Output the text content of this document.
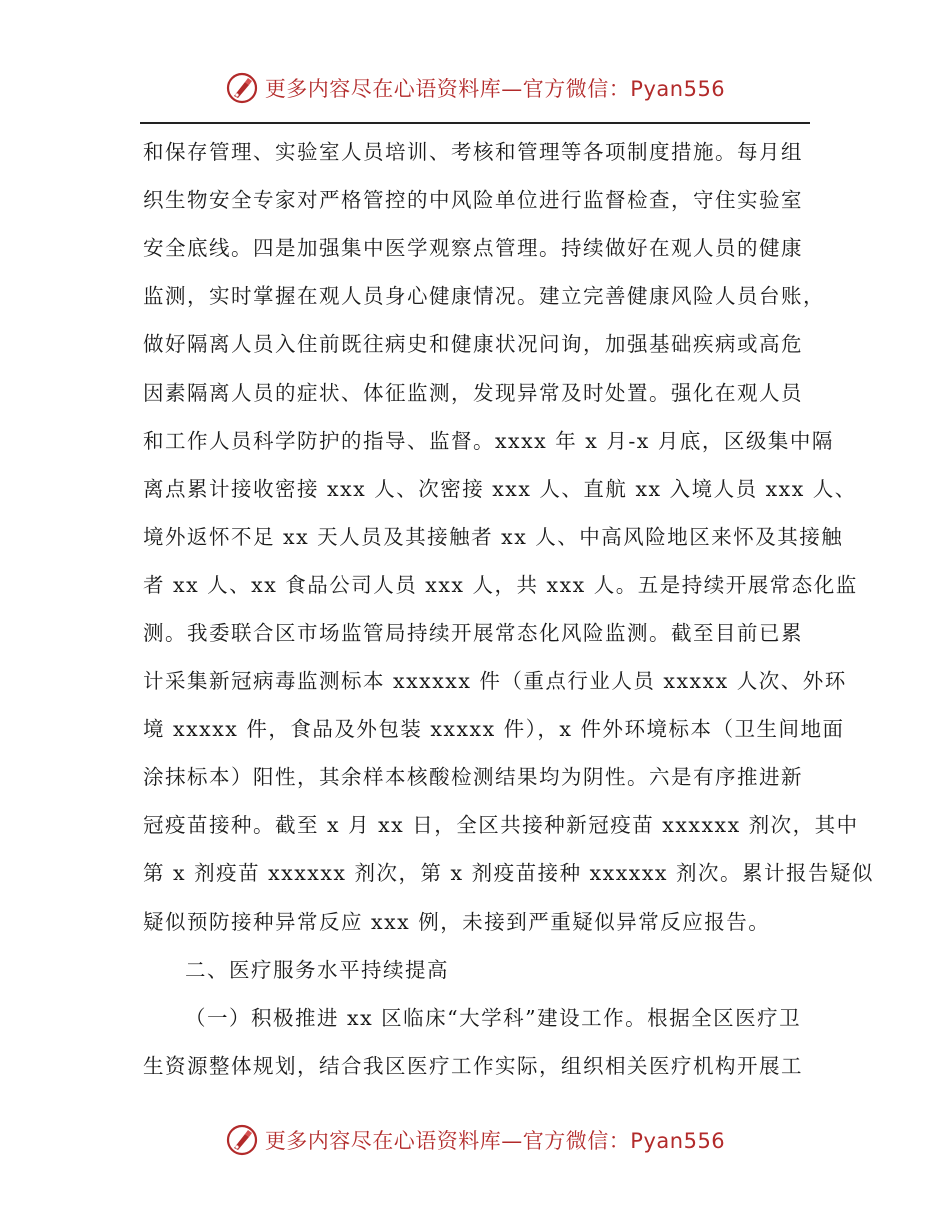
更多内容尽在心语资料库—官方微信：Pyan556
和保存管理、实验室人员培训、考核和管理等各项制度措施。每月组
织生物安全专家对严格管控的中风险单位进行监督检查，守住实验室
安全底线。四是加强集中医学观察点管理。持续做好在观人员的健康
监测，实时掌握在观人员身心健康情况。建立完善健康风险人员台账，
做好隔离人员入住前既往病史和健康状况问询，加强基础疾病或高危
因素隔离人员的症状、体征监测，发现异常及时处置。强化在观人员
和工作人员科学防护的指导、监督。xxxx 年 x 月-x 月底，区级集中隔
离点累计接收密接 xxx 人、次密接 xxx 人、直航 xx 入境人员 xxx 人、
境外返怀不足 xx 天人员及其接触者 xx 人、中高风险地区来怀及其接触
者 xx 人、xx 食品公司人员 xxx 人，共 xxx 人。五是持续开展常态化监
测。我委联合区市场监管局持续开展常态化风险监测。截至目前已累
计采集新冠病毒监测标本 xxxxxx 件（重点行业人员 xxxxx 人次、外环
境 xxxxx 件，食品及外包装 xxxxx 件），x 件外环境标本（卫生间地面
涂抹标本）阳性，其余样本核酸检测结果均为阴性。六是有序推进新
冠疫苗接种。截至 x 月 xx 日，全区共接种新冠疫苗 xxxxxx 剂次，其中
第 x 剂疫苗 xxxxxx 剂次，第 x 剂疫苗接种 xxxxxx 剂次。累计报告疑似
疑似预防接种异常反应 xxx 例，未接到严重疑似异常反应报告。
二、医疗服务水平持续提高
（一）积极推进 xx 区临床“大学科”建设工作。根据全区医疗卫
生资源整体规划，结合我区医疗工作实际，组织相关医疗机构开展工
更多内容尽在心语资料库—官方微信：Pyan556
